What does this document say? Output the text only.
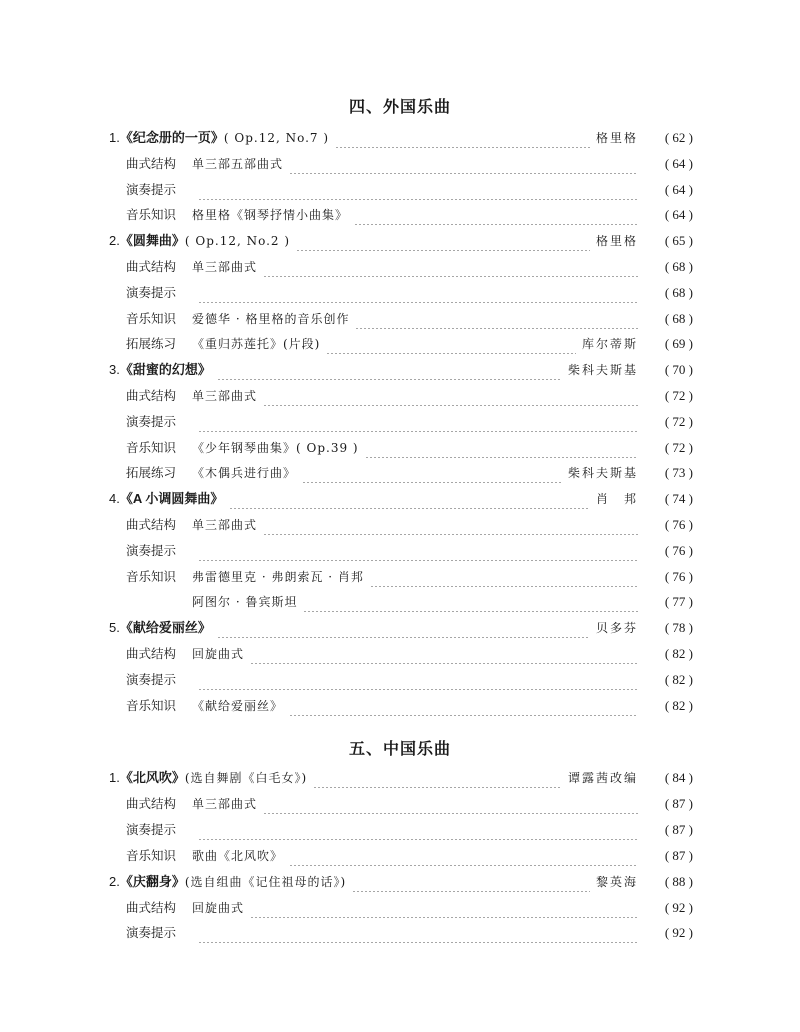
四、外国乐曲
1.《纪念册的一页》( Op.12, No.7 )	格里格	( 62 )
曲式结构 单三部五部曲式	( 64 )
演奏提示	( 64 )
音乐知识 格里格《钢琴抒情小曲集》	( 64 )
2.《圆舞曲》( Op.12, No.2 )	格里格	( 65 )
曲式结构 单三部曲式	( 68 )
演奏提示	( 68 )
音乐知识 爱德华 · 格里格的音乐创作	( 68 )
拓展练习 《重归苏莲托》(片段)	库尔蒂斯	( 69 )
3.《甜蜜的幻想》	柴科夫斯基	( 70 )
曲式结构 单三部曲式	( 72 )
演奏提示	( 72 )
音乐知识 《少年钢琴曲集》( Op.39 )	( 72 )
拓展练习 《木偶兵进行曲》	柴科夫斯基	( 73 )
4.《A 小调圆舞曲》	肖　邦	( 74 )
曲式结构 单三部曲式	( 76 )
演奏提示	( 76 )
音乐知识 弗雷德里克 · 弗朗索瓦 · 肖邦	( 76 )
阿图尔 · 鲁宾斯坦	( 77 )
5.《献给爱丽丝》	贝多芬	( 78 )
曲式结构 回旋曲式	( 82 )
演奏提示	( 82 )
音乐知识 《献给爱丽丝》	( 82 )
五、中国乐曲
1.《北风吹》(选自舞剧《白毛女》)	谭露茜改编	( 84 )
曲式结构 单三部曲式	( 87 )
演奏提示	( 87 )
音乐知识 歌曲《北风吹》	( 87 )
2.《庆翻身》(选自组曲《记住祖母的话》)	黎英海	( 88 )
曲式结构 回旋曲式	( 92 )
演奏提示	( 92 )
